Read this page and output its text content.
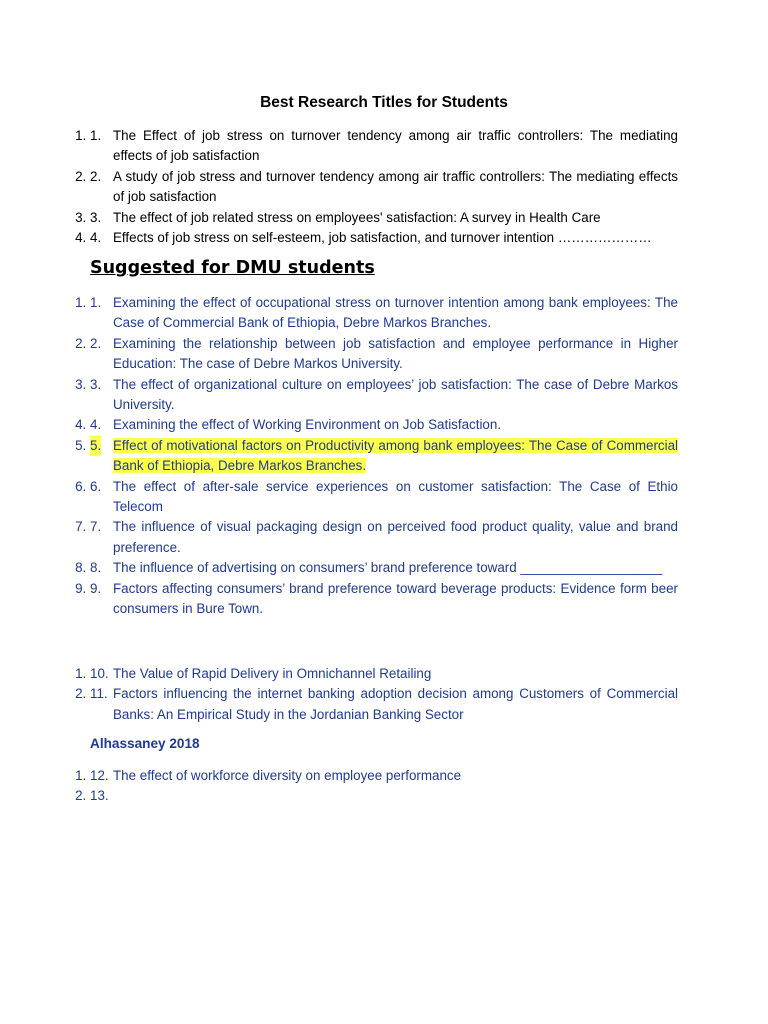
Best Research Titles for Students
1. 1. The Effect of job stress on turnover tendency among air traffic controllers: The mediating effects of job satisfaction
2. 2. A study of job stress and turnover tendency among air traffic controllers: The mediating effects of job satisfaction
3. 3. The effect of job related stress on employees' satisfaction: A survey in Health Care
4. 4. Effects of job stress on self-esteem, job satisfaction, and turnover intention …………………
Suggested for DMU students
1. 1. Examining the effect of occupational stress on turnover intention among bank employees: The Case of Commercial Bank of Ethiopia, Debre Markos Branches.
2. 2. Examining the relationship between job satisfaction and employee performance in Higher Education: The case of Debre Markos University.
3. 3. The effect of organizational culture on employees’ job satisfaction: The case of Debre Markos University.
4. 4. Examining the effect of Working Environment on Job Satisfaction.
5. 5. Effect of motivational factors on Productivity among bank employees: The Case of Commercial Bank of Ethiopia, Debre Markos Branches.
6. 6. The effect of after-sale service experiences on customer satisfaction: The Case of Ethio Telecom
7. 7. The influence of visual packaging design on perceived food product quality, value and brand preference.
8. 8. The influence of advertising on consumers’ brand preference toward ___________________
9. 9. Factors affecting consumers’ brand preference toward beverage products: Evidence form beer consumers in Bure Town.
1. 10. The Value of Rapid Delivery in Omnichannel Retailing
2. 11. Factors influencing the internet banking adoption decision among Customers of Commercial Banks: An Empirical Study in the Jordanian Banking Sector
Alhassaney 2018
1. 12. The effect of workforce diversity on employee performance
2. 13.
